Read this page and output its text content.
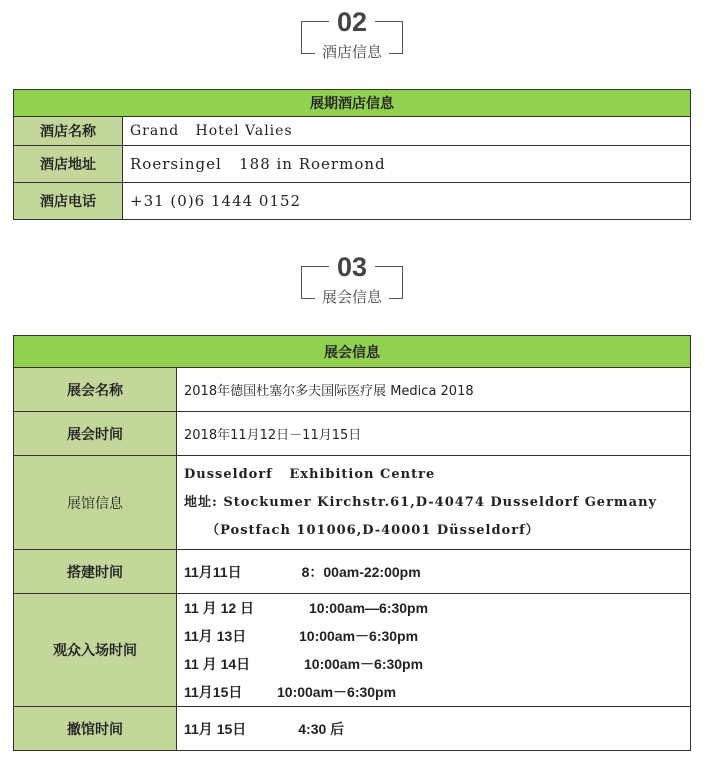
02
酒店信息
展期酒店信息	
酒店名称	Grand   Hotel Valies
酒店地址	Roersingel   188 in Roermond
酒店电话	+31 (0)6 1444 0152
03
展会信息
展会信息	
展会名称	2018年德国杜塞尔多夫国际医疗展 Medica 2018
展会时间	2018年11月12日－11月15日
展馆信息	Dusseldorf   Exhibition Centre
地址: Stockumer Kirchstr.61,D-40474 Dusseldorf Germany
（Postfach 101006,D-40001 Düsseldorf）

搭建时间	11月11日 8：00am-22:00pm
观众入场时间	11 月 12 日 10:00am—6:30pm
11月 13日 10:00am－6:30pm
11 月 14日 10:00am－6:30pm
11月15日 10:00am－6:30pm

撤馆时间	11月 15日 4:30 后
